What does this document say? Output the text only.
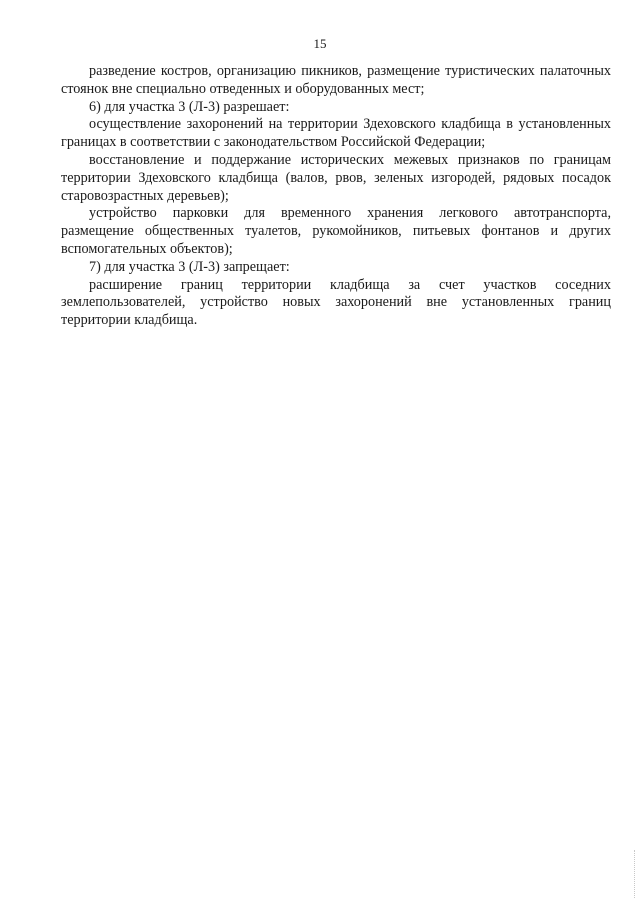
15

разведение костров, организацию пикников, размещение туристических палаточных стоянок вне специально отведенных и оборудованных мест;

6) для участка 3 (Л-3) разрешает:

осуществление захоронений на территории Здеховского кладбища в установленных границах в соответствии с законодательством Российской Федерации;

восстановление и поддержание исторических межевых признаков по границам территории Здеховского кладбища (валов, рвов, зеленых изгородей, рядовых посадок старовозрастных деревьев);

устройство парковки для временного хранения легкового автотранспорта, размещение общественных туалетов, рукомойников, питьевых фонтанов и других вспомогательных объектов);

7) для участка 3 (Л-3) запрещает:

расширение границ территории кладбища за счет участков соседних землепользователей, устройство новых захоронений вне установленных границ территории кладбища.
